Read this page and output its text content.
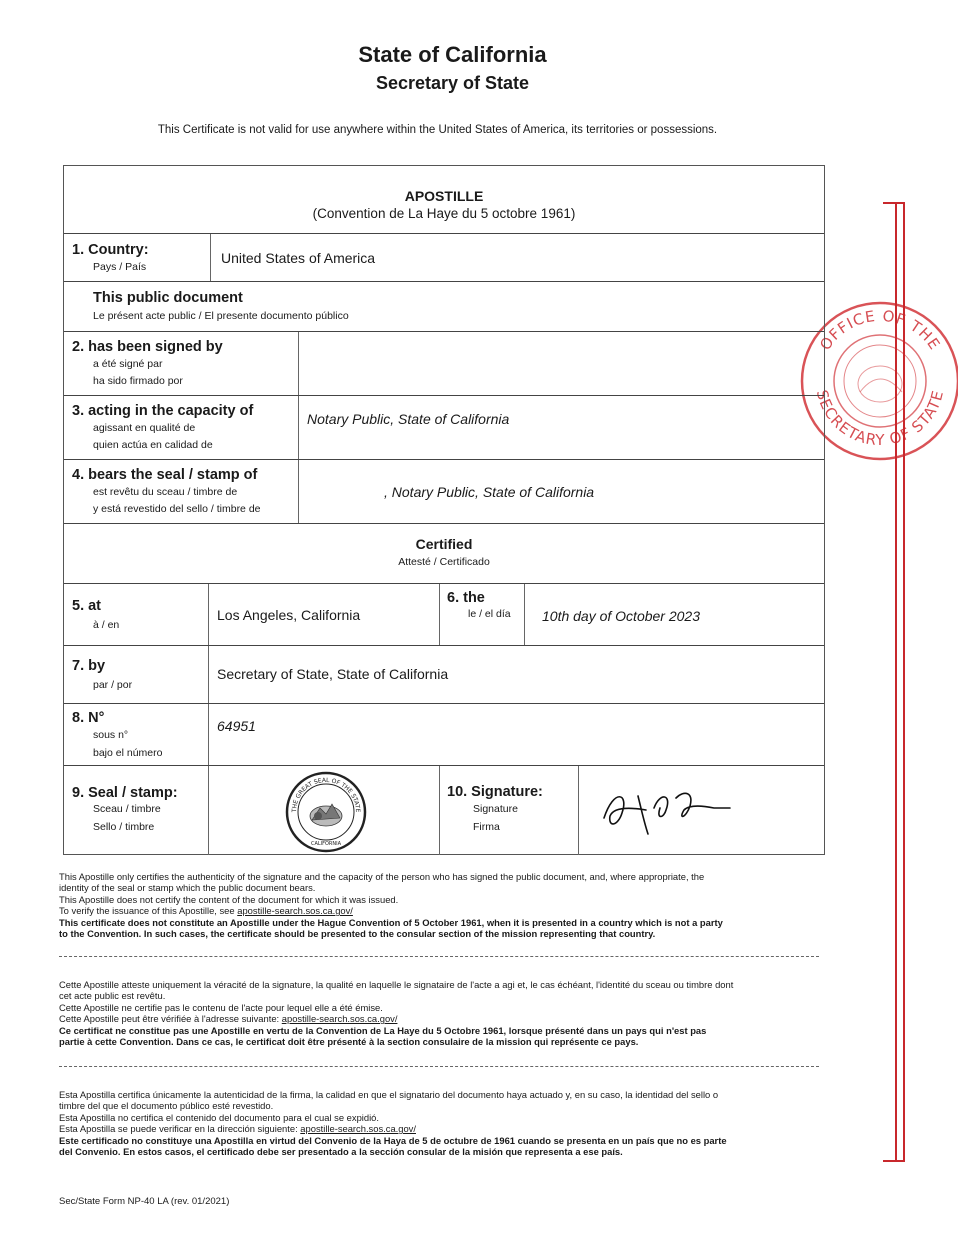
State of California
Secretary of State
This Certificate is not valid for use anywhere within the United States of America, its territories or possessions.
OFFICE OF THE
SECRETARY OF STATE
APOSTILLE
(Convention de La Haye du 5 octobre 1961)
1. Country:
Pays / País
United States of America
This public document
Le présent acte public / El presente documento público
2. has been signed by
a été signé par
ha sido firmado por
3. acting in the capacity of
agissant en qualité de
quien actúa en calidad de
Notary Public, State of California
4. bears the seal / stamp of
est revêtu du sceau / timbre de
y está revestido del sello / timbre de
, Notary Public, State of California
Certified
Attesté / Certificado
5. at
à / en
Los Angeles, California
6. the
le / el día 10th day of October 2023
7. by
par / por
Secretary of State, State of California
8. N°
sous n°
bajo el número
64951
9. Seal / stamp:
Sceau / timbre
Sello / timbre
THE GREAT SEAL OF THE STATE
CALIFORNIA
10. Signature:
Signature
Firma
This Apostille only certifies the authenticity of the signature and the capacity of the person who has signed the public document, and, where appropriate, the
identity of the seal or stamp which the public document bears.
This Apostille does not certify the content of the document for which it was issued.
To verify the issuance of this Apostille, see apostille-search.sos.ca.gov/
This certificate does not constitute an Apostille under the Hague Convention of 5 October 1961, when it is presented in a country which is not a party
to the Convention. In such cases, the certificate should be presented to the consular section of the mission representing that country.
Cette Apostille atteste uniquement la véracité de la signature, la qualité en laquelle le signataire de l'acte a agi et, le cas échéant, l'identité du sceau ou timbre dont
cet acte public est revêtu.
Cette Apostille ne certifie pas le contenu de l'acte pour lequel elle a été émise.
Cette Apostille peut être vérifiée à l'adresse suivante: apostille-search.sos.ca.gov/
Ce certificat ne constitue pas une Apostille en vertu de la Convention de La Haye du 5 Octobre 1961, lorsque présenté dans un pays qui n'est pas
partie à cette Convention. Dans ce cas, le certificat doit être présenté à la section consulaire de la mission qui représente ce pays.
Esta Apostilla certifica únicamente la autenticidad de la firma, la calidad en que el signatario del documento haya actuado y, en su caso, la identidad del sello o
timbre del que el documento público esté revestido.
Esta Apostilla no certifica el contenido del documento para el cual se expidió.
Esta Apostilla se puede verificar en la dirección siguiente: apostille-search.sos.ca.gov/
Este certificado no constituye una Apostilla en virtud del Convenio de la Haya de 5 de octubre de 1961 cuando se presenta en un país que no es parte
del Convenio. En estos casos, el certificado debe ser presentado a la sección consular de la misión que representa a ese país.
Sec/State Form NP-40 LA (rev. 01/2021)
